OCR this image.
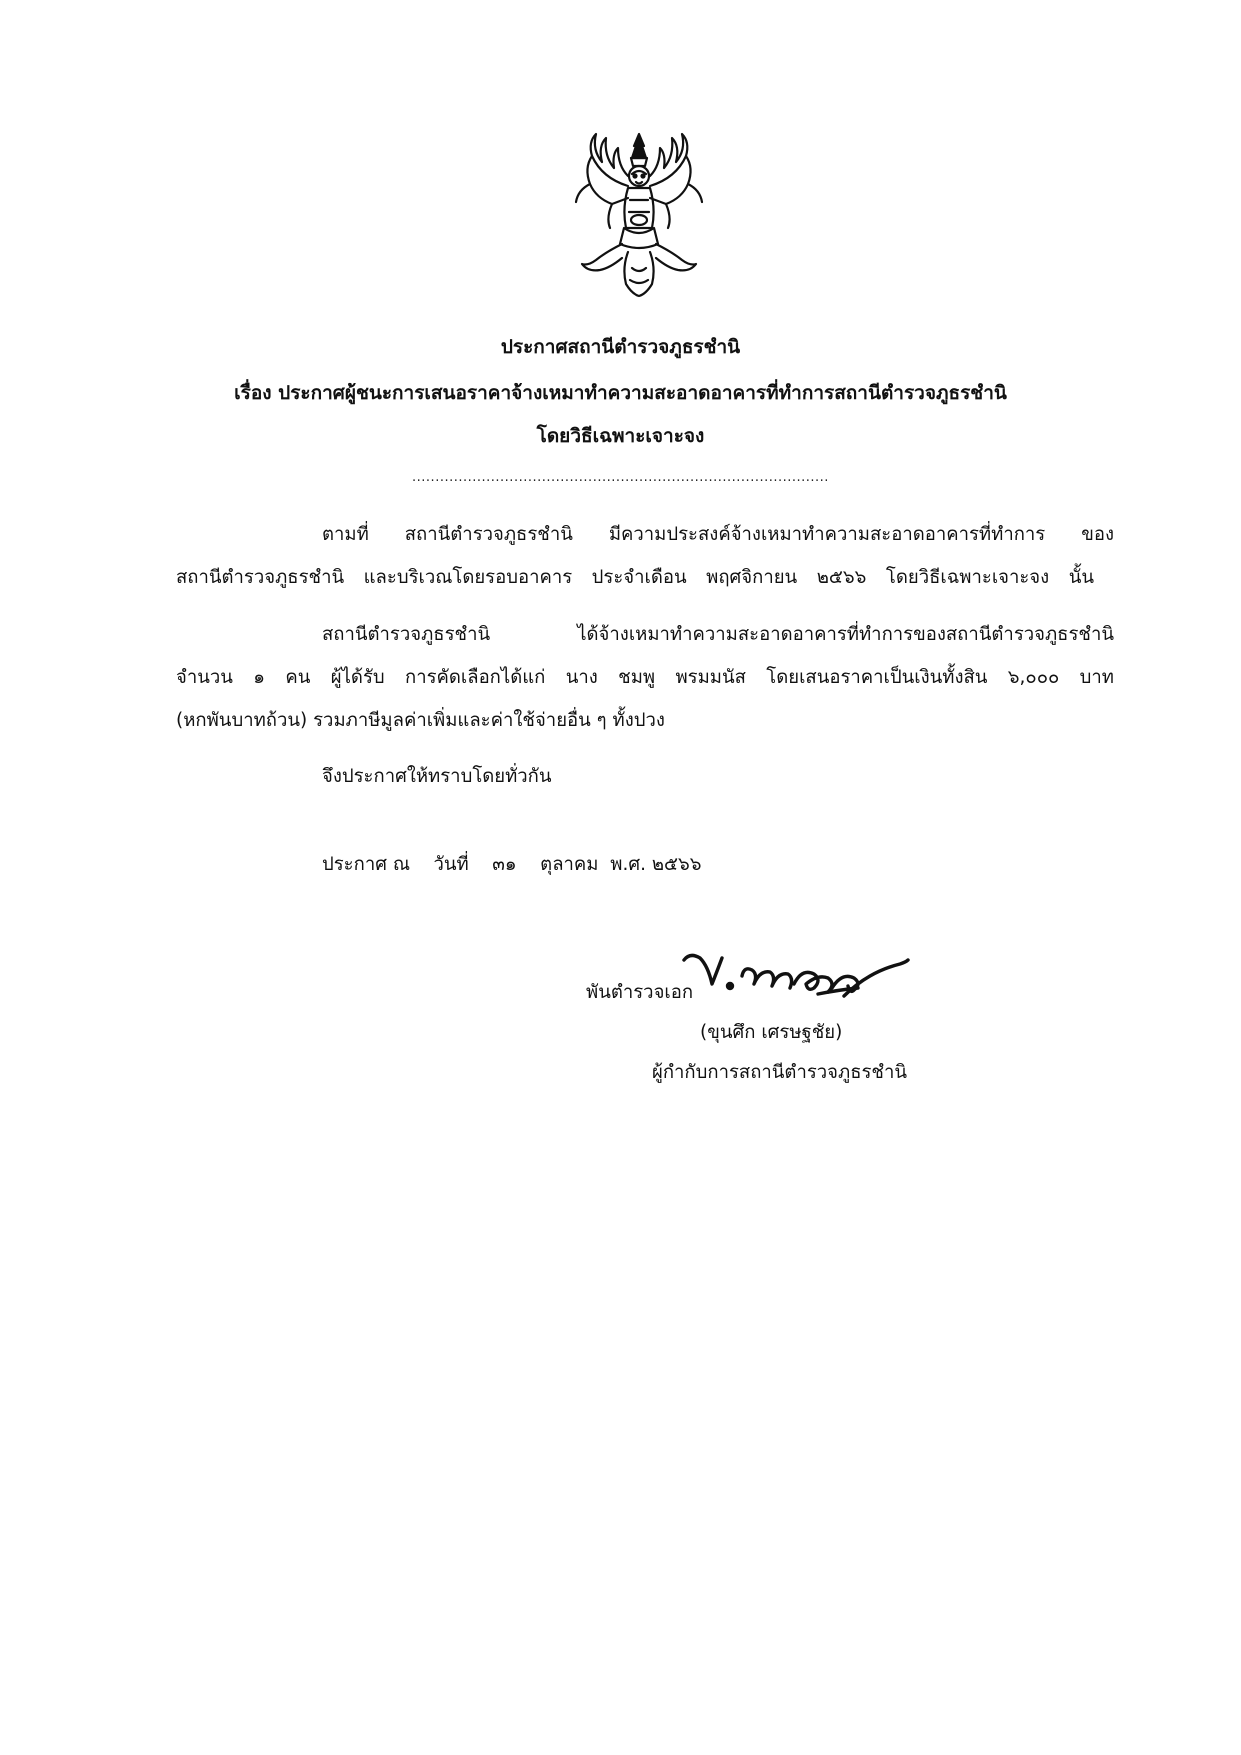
ประกาศสถานีตำรวจภูธรชำนิ
เรื่อง ประกาศผู้ชนะการเสนอราคาจ้างเหมาทำความสะอาดอาคารที่ทำการสถานีตำรวจภูธรชำนิ
โดยวิธีเฉพาะเจาะจง
..........................................................................................
ตามที่ สถานีตำรวจภูธรชำนิ มีความประสงค์จ้างเหมาทำความสะอาดอาคารที่ทำการ ของ
สถานีตำรวจภูธรชำนิ และบริเวณโดยรอบอาคาร ประจำเดือน พฤศจิกายน ๒๕๖๖ โดยวิธีเฉพาะเจาะจง นั้น
สถานีตำรวจภูธรชำนิ ได้จ้างเหมาทำความสะอาดอาคารที่ทำการของสถานีตำรวจภูธรชำนิ
จำนวน ๑ คน ผู้ได้รับ การคัดเลือกได้แก่ นาง ชมพู พรมมนัส โดยเสนอราคาเป็นเงินทั้งสิน ๖,๐๐๐ บาท
(หกพันบาทถ้วน) รวมภาษีมูลค่าเพิ่มและค่าใช้จ่ายอื่น ๆ ทั้งปวง
จึงประกาศให้ทราบโดยทั่วกัน
ประกาศ ณ    วันที่    ๓๑    ตุลาคม  พ.ศ. ๒๕๖๖
พันตำรวจเอก
(ขุนศึก เศรษฐชัย)
ผู้กำกับการสถานีตำรวจภูธรชำนิ
